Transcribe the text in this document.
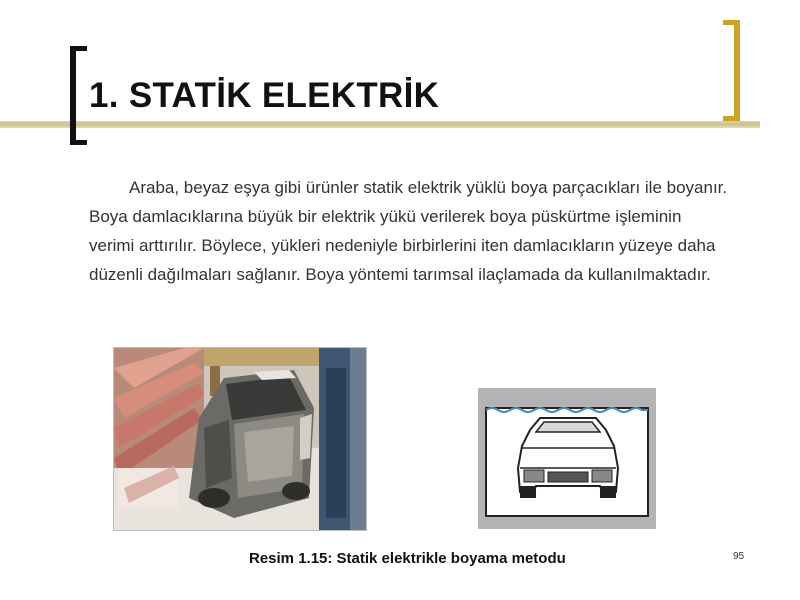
1. STATİK ELEKTRİK

Araba, beyaz eşya gibi ürünler statik elektrik yüklü boya parçacıkları ile boyanır. Boya damlacıklarına büyük bir elektrik yükü verilerek boya püskürtme işleminin verimi arttırılır. Böylece, yükleri nedeniyle birbirlerini iten damlacıkların yüzeye daha düzenli dağılmaları sağlanır. Boya yöntemi tarımsal ilaçlamada da kullanılmaktadır.

Resim 1.15: Statik elektrikle boyama metodu	95
